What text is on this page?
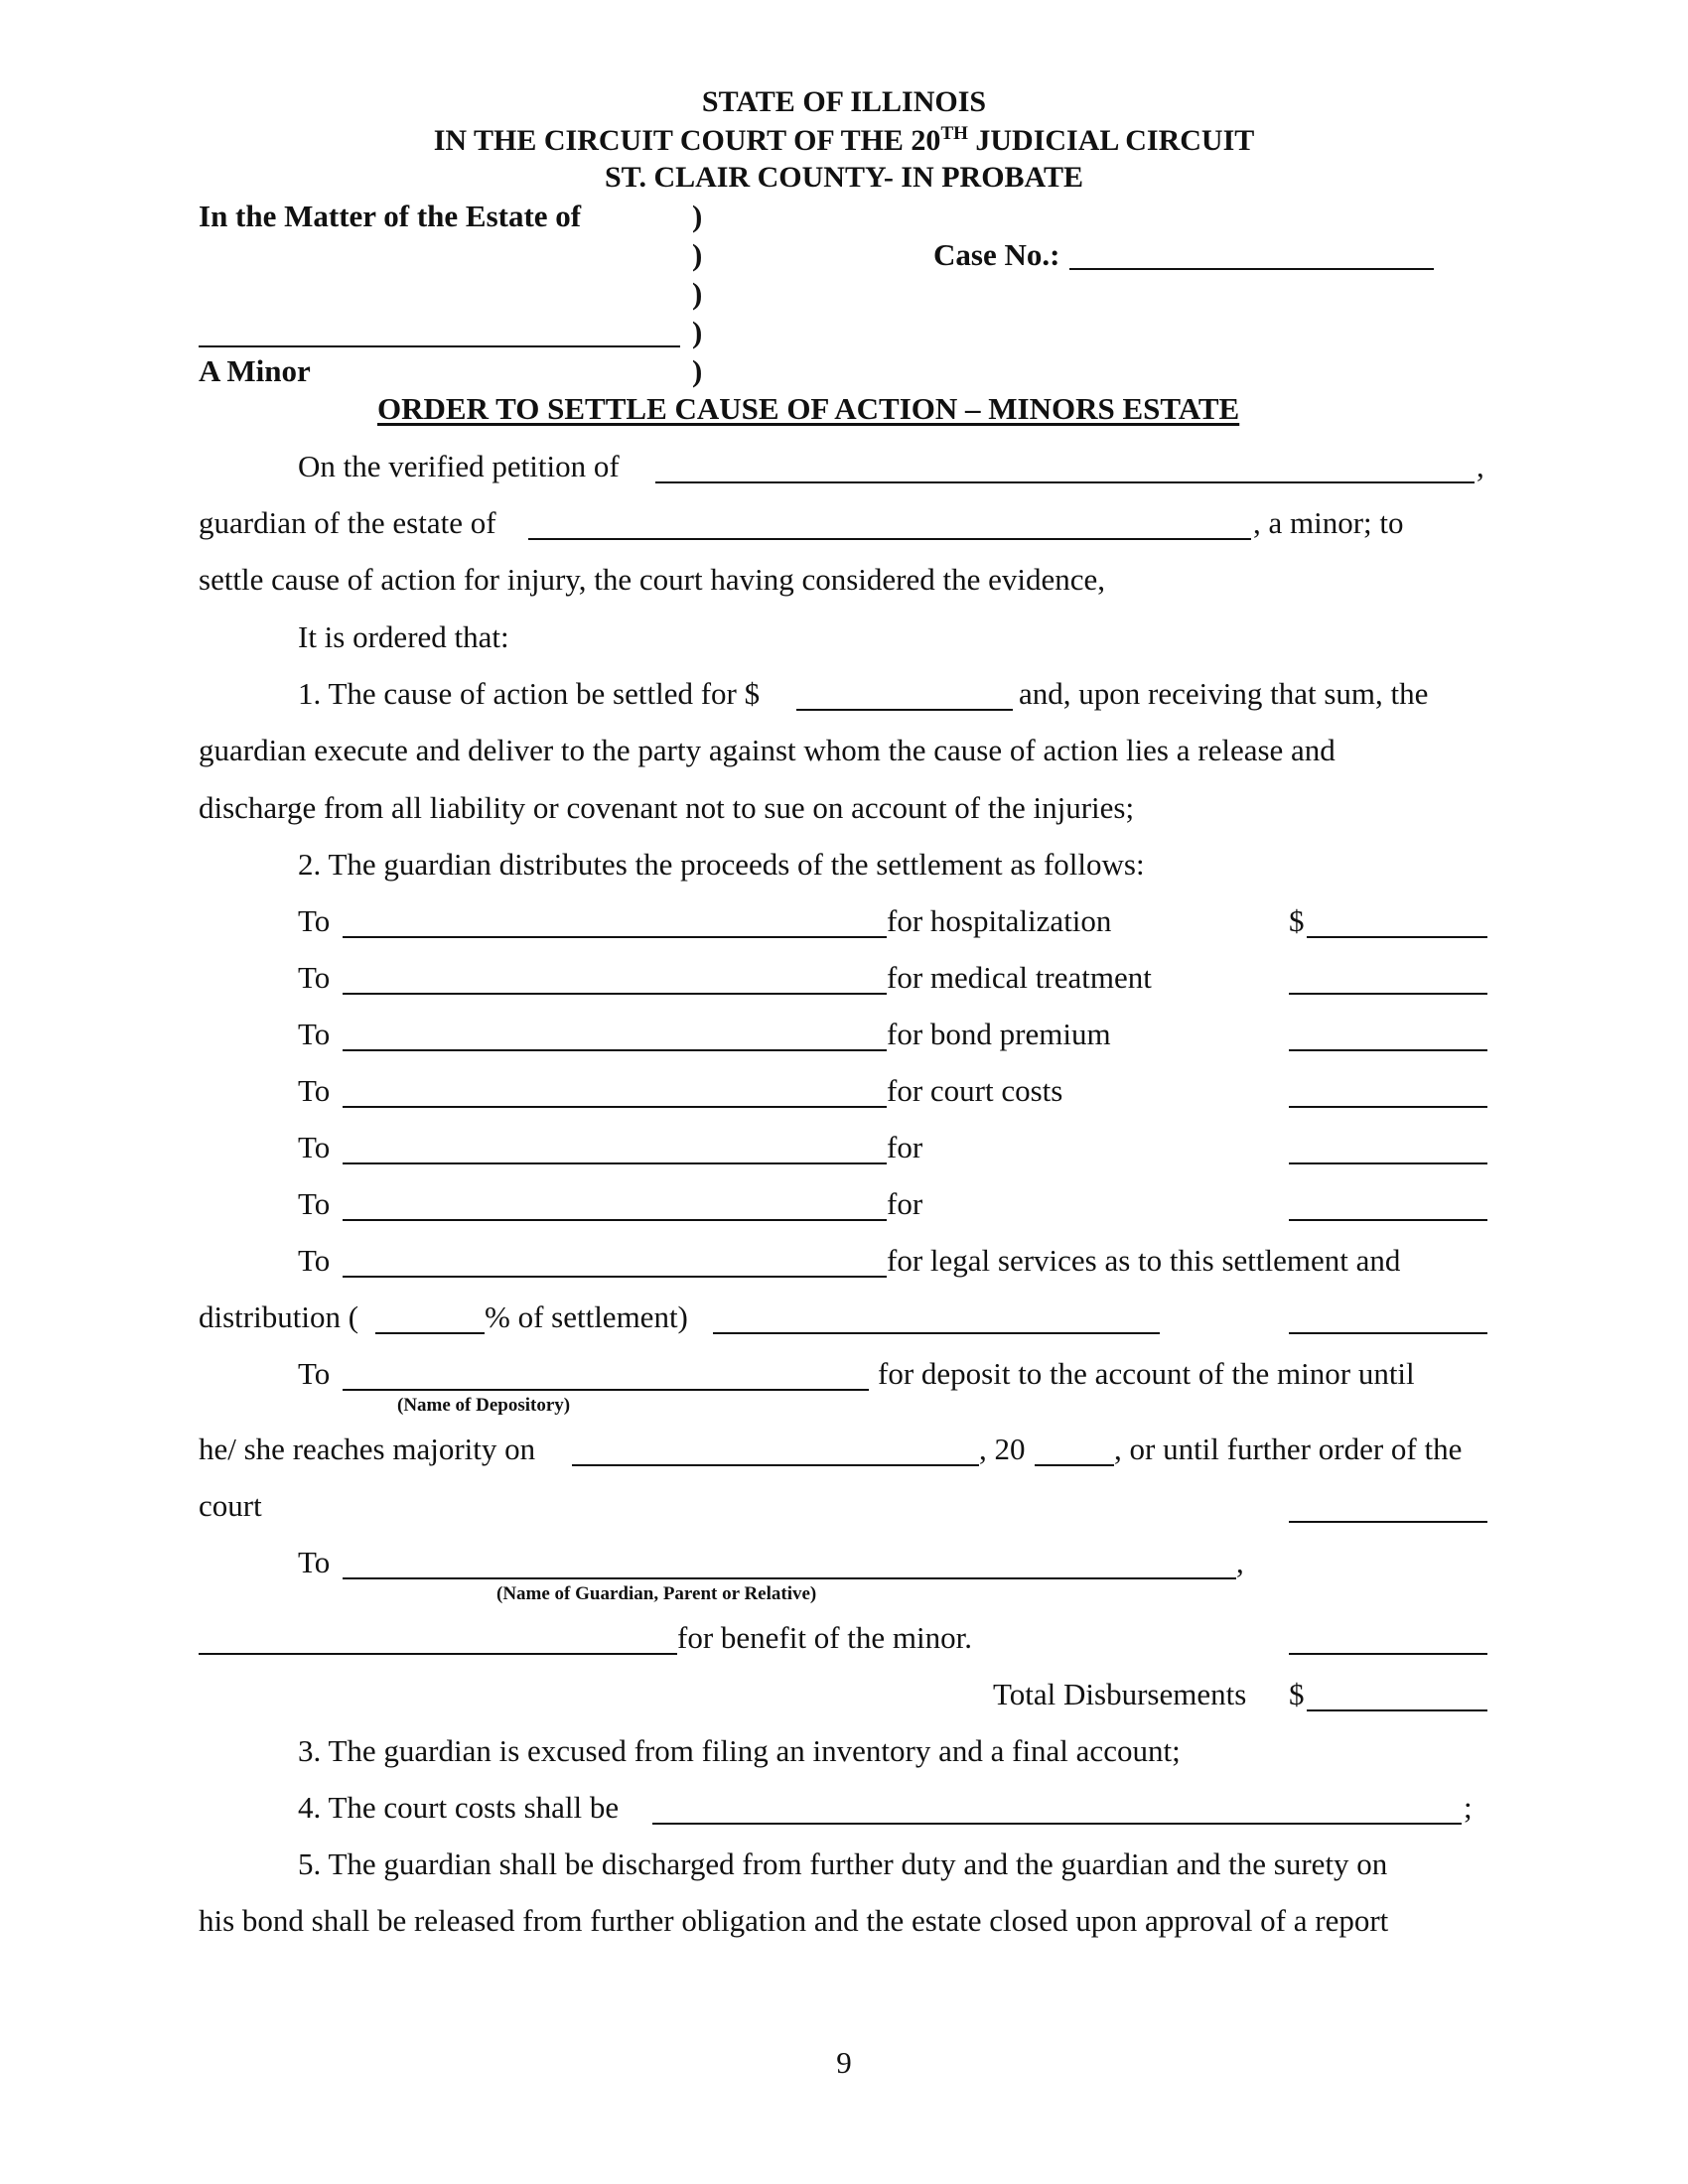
STATE OF ILLINOIS
IN THE CIRCUIT COURT OF THE 20TH JUDICIAL CIRCUIT
ST. CLAIR COUNTY- IN PROBATE
In the Matter of the Estate of	)
)
)
)
)
Case No.:
A Minor
ORDER TO SETTLE CAUSE OF ACTION – MINORS ESTATE
On the verified petition of	,
guardian of the estate of	, a minor; to
settle cause of action for injury, the court having considered the evidence,
It is ordered that:
1. The cause of action be settled for $	and, upon receiving that sum, the
guardian execute and deliver to the party against whom the cause of action lies a release and
discharge from all liability or covenant not to sue on account of the injuries;
2. The guardian distributes the proceeds of the settlement as follows:
To	for hospitalization	$
To	for medical treatment
To	for bond premium
To	for court costs
To	for
To	for
To	for legal services as to this settlement and
distribution (	% of settlement)
To	for deposit to the account of the minor until
(Name of Depository)
he/ she reaches majority on	, 20	, or until further order of the
court
To	,
(Name of Guardian, Parent or Relative)
for benefit of the minor.
Total Disbursements $
3. The guardian is excused from filing an inventory and a final account;
4. The court costs shall be	;
5. The guardian shall be discharged from further duty and the guardian and the surety on
his bond shall be released from further obligation and the estate closed upon approval of a report
9
